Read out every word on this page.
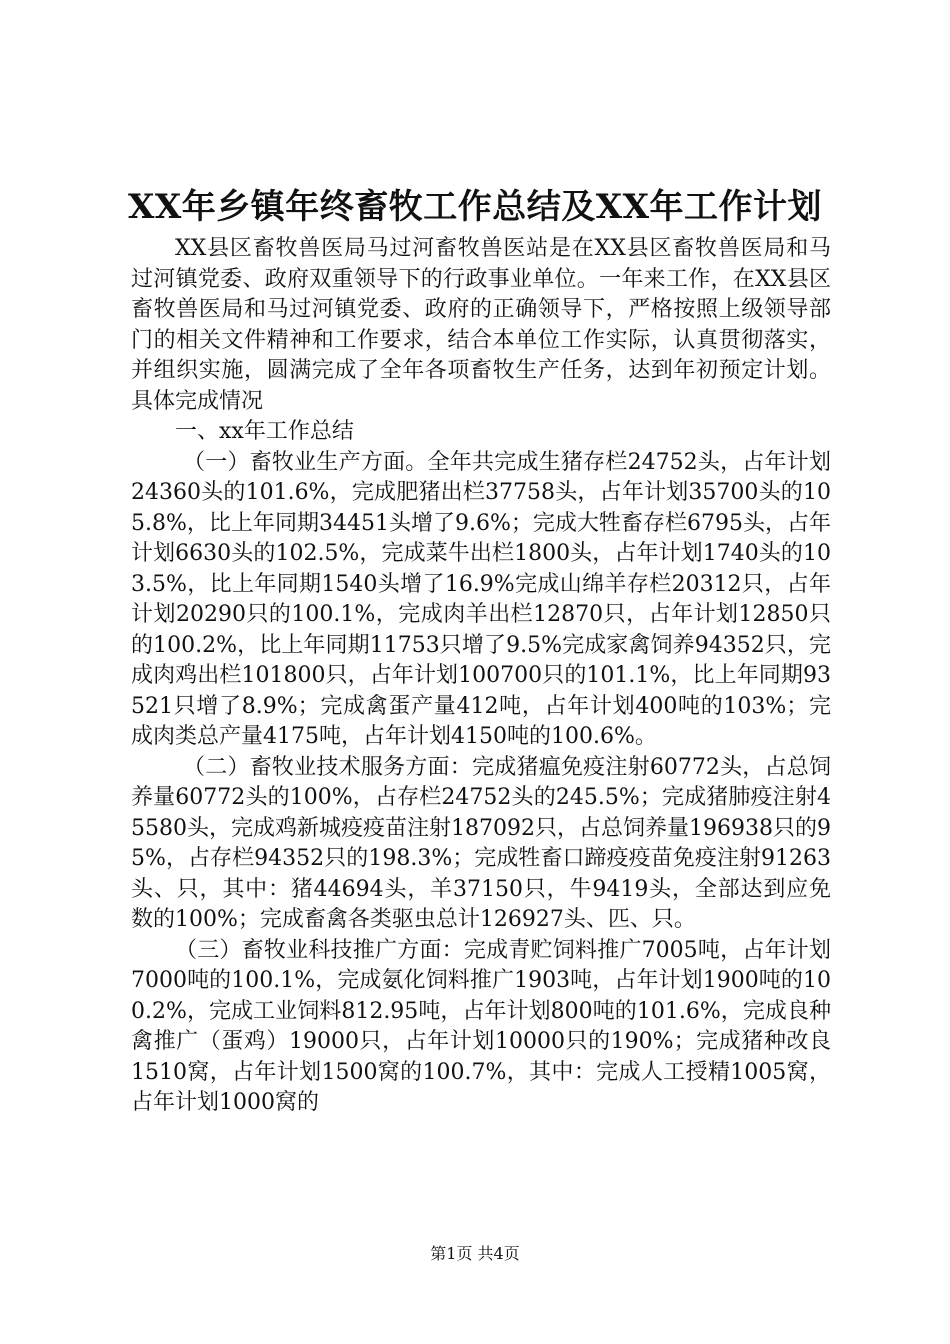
XX年乡镇年终畜牧工作总结及XX年工作计划

XX县区畜牧兽医局马过河畜牧兽医站是在XX县区畜牧兽医局和马过河镇党委、政府双重领导下的行政事业单位。一年来工作，在XX县区畜牧兽医局和马过河镇党委、政府的正确领导下，严格按照上级领导部门的相关文件精神和工作要求，结合本单位工作实际，认真贯彻落实，并组织实施，圆满完成了全年各项畜牧生产任务，达到年初预定计划。具体完成情况

一、xx年工作总结

（一）畜牧业生产方面。全年共完成生猪存栏24752头，占年计划24360头的101.6%，完成肥猪出栏37758头，占年计划35700头的105.8%，比上年同期34451头增了9.6%；完成大牲畜存栏6795头，占年计划6630头的102.5%，完成菜牛出栏1800头，占年计划1740头的103.5%，比上年同期1540头增了16.9%完成山绵羊存栏20312只，占年计划20290只的100.1%，完成肉羊出栏12870只，占年计划12850只的100.2%，比上年同期11753只增了9.5%完成家禽饲养94352只，完成肉鸡出栏101800只，占年计划100700只的101.1%，比上年同期93521只增了8.9%；完成禽蛋产量412吨，占年计划400吨的103%；完成肉类总产量4175吨，占年计划4150吨的100.6%。

（二）畜牧业技术服务方面：完成猪瘟免疫注射60772头，占总饲养量60772头的100%，占存栏24752头的245.5%；完成猪肺疫注射45580头，完成鸡新城疫疫苗注射187092只，占总饲养量196938只的95%，占存栏94352只的198.3%；完成牲畜口蹄疫疫苗免疫注射91263头、只，其中：猪44694头，羊37150只，牛9419头，全部达到应免数的100%；完成畜禽各类驱虫总计126927头、匹、只。

（三）畜牧业科技推广方面：完成青贮饲料推广7005吨，占年计划7000吨的100.1%，完成氨化饲料推广1903吨，占年计划1900吨的100.2%，完成工业饲料812.95吨，占年计划800吨的101.6%，完成良种禽推广（蛋鸡）19000只，占年计划10000只的190%；完成猪种改良1510窝，占年计划1500窝的100.7%，其中：完成人工授精1005窝，占年计划1000窝的

第1页 共4页
